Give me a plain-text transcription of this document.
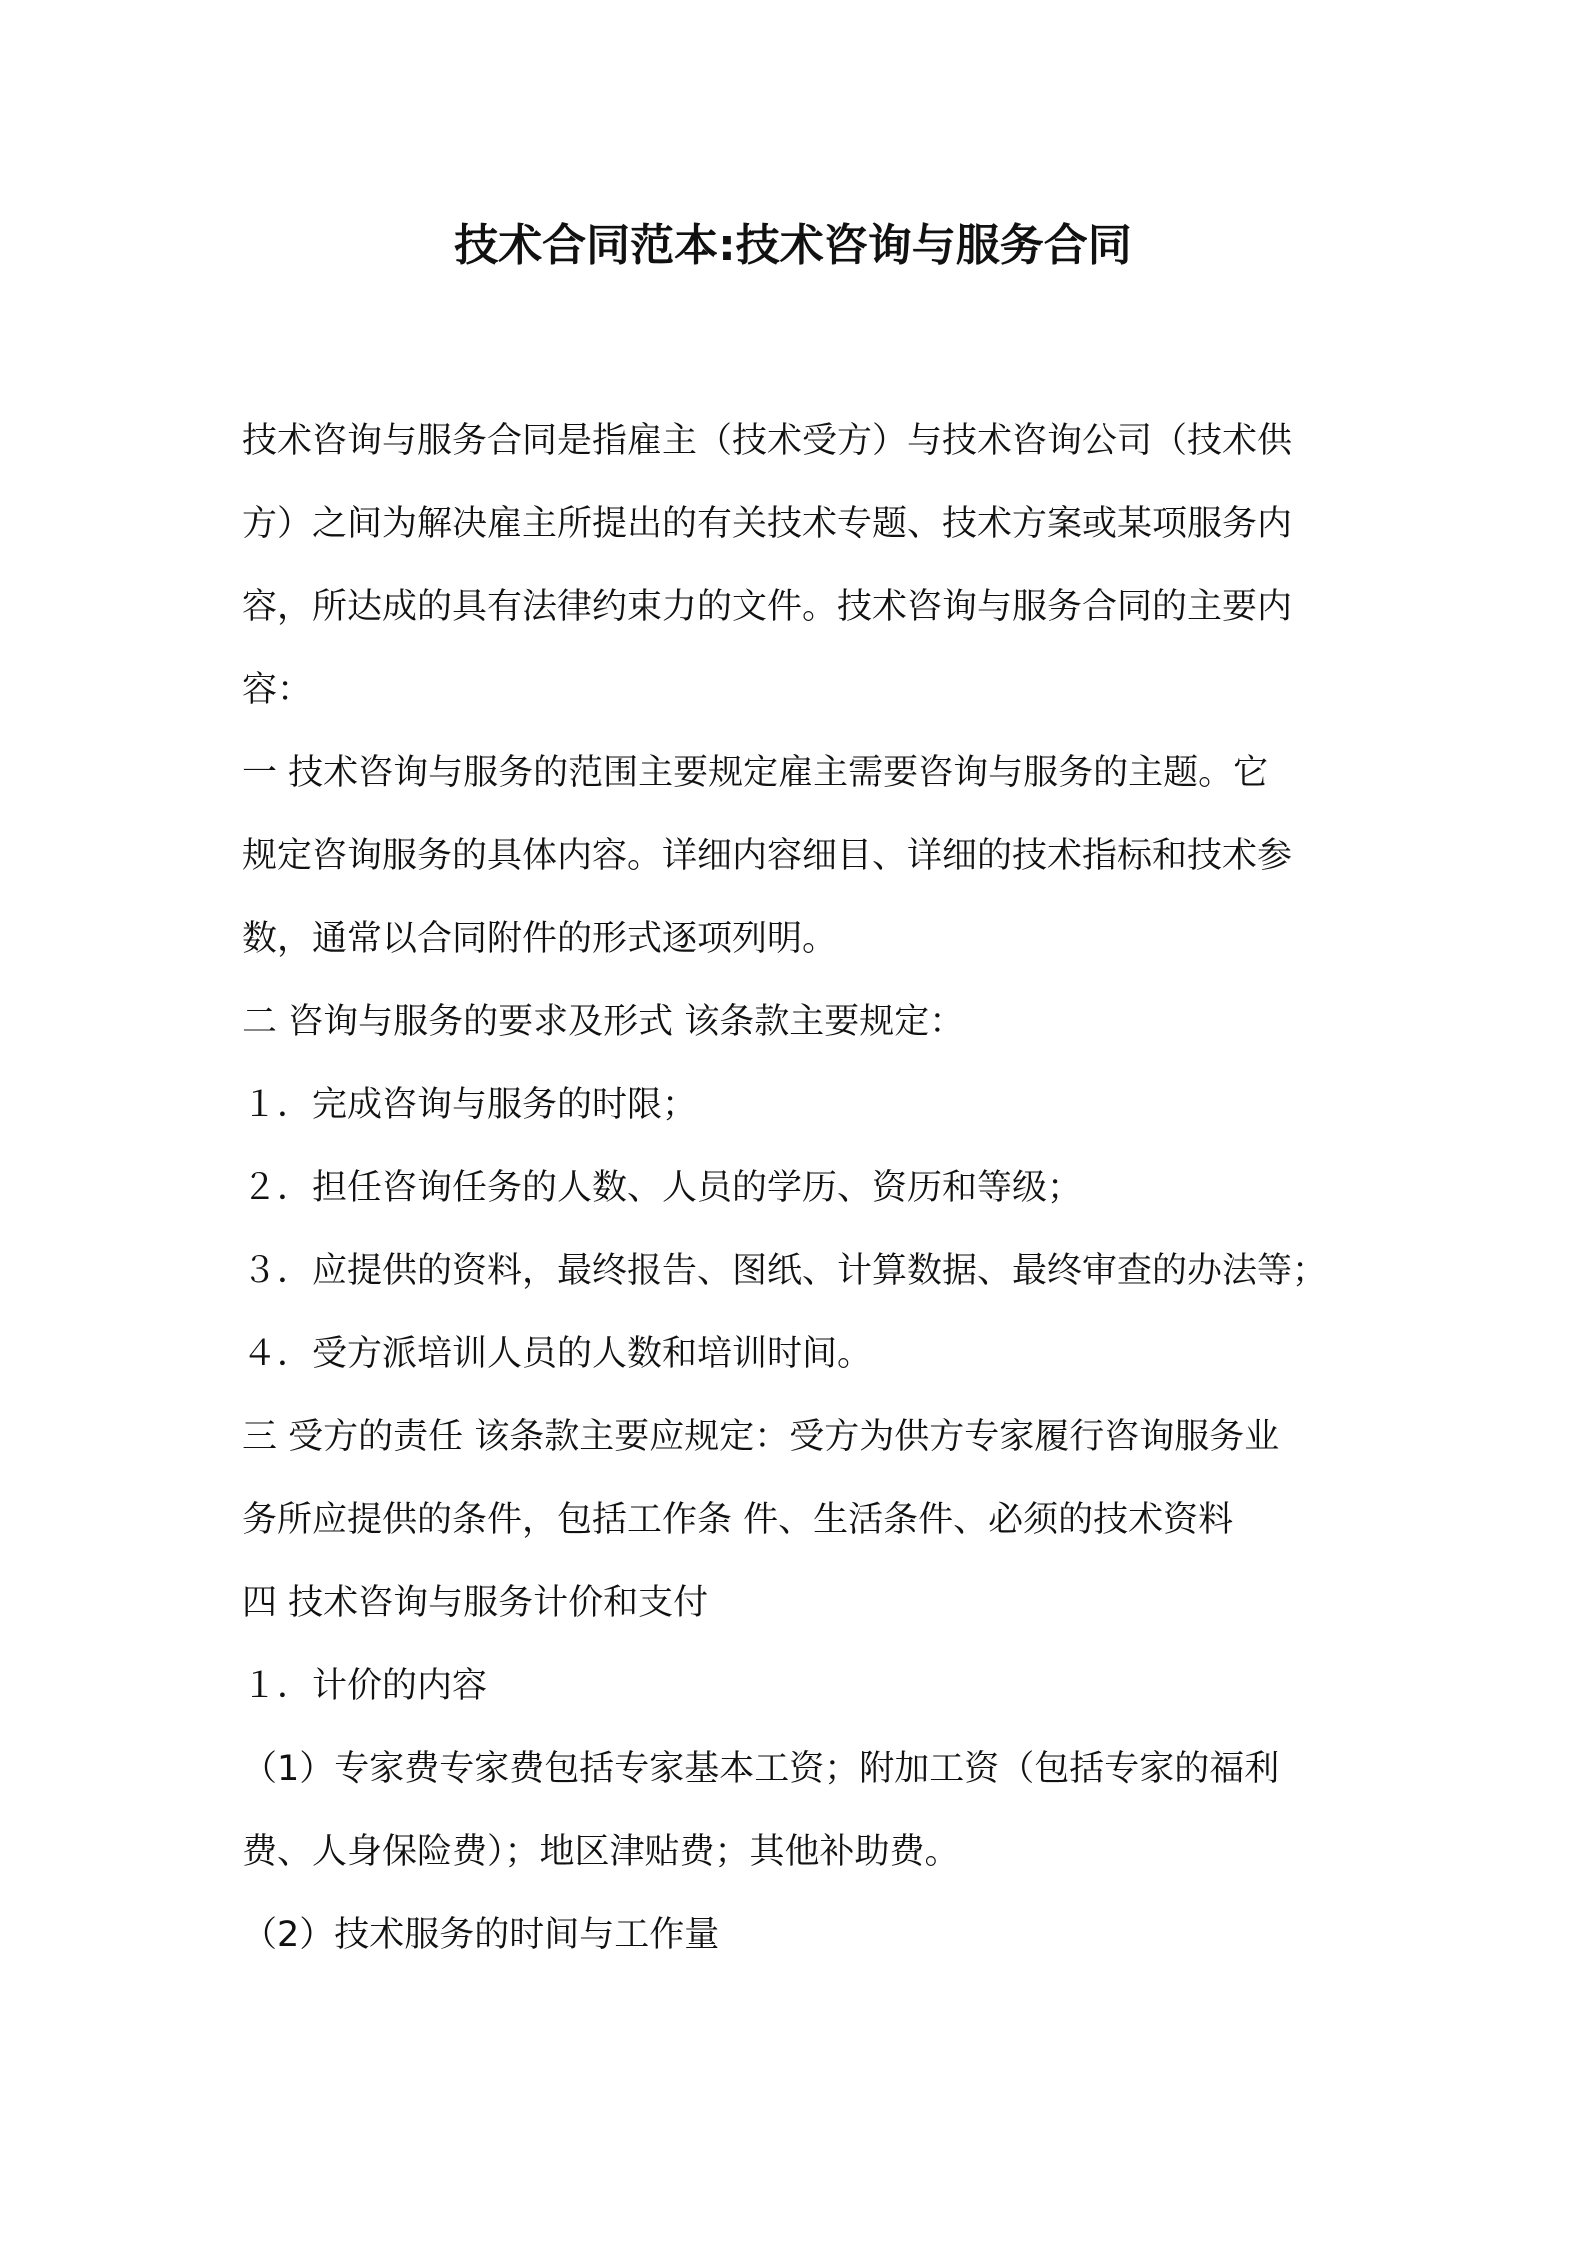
技术合同范本:技术咨询与服务合同
技术咨询与服务合同是指雇主（技术受方）与技术咨询公司（技术供
方）之间为解决雇主所提出的有关技术专题、技术方案或某项服务内
容，所达成的具有法律约束力的文件。技术咨询与服务合同的主要内
容：
一 技术咨询与服务的范围主要规定雇主需要咨询与服务的主题。它
规定咨询服务的具体内容。详细内容细目、详细的技术指标和技术参
数，通常以合同附件的形式逐项列明。
二 咨询与服务的要求及形式 该条款主要规定：
１．完成咨询与服务的时限；
２．担任咨询任务的人数、人员的学历、资历和等级；
３．应提供的资料，最终报告、图纸、计算数据、最终审查的办法等；
４．受方派培训人员的人数和培训时间。
三 受方的责任 该条款主要应规定：受方为供方专家履行咨询服务业
务所应提供的条件，包括工作条 件、生活条件、必须的技术资料
四 技术咨询与服务计价和支付
１．计价的内容
（1）专家费专家费包括专家基本工资；附加工资（包括专家的福利
费、人身保险费）；地区津贴费；其他补助费。
（2）技术服务的时间与工作量
